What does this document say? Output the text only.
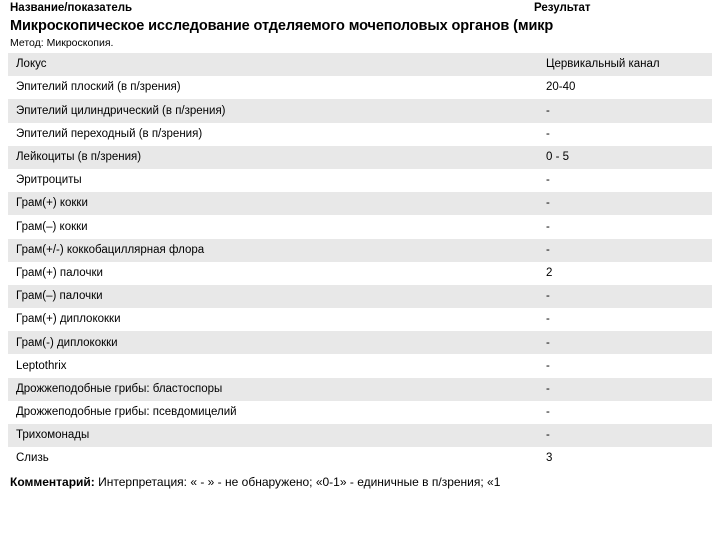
Название/показатель	Результат
Микроскопическое исследование отделяемого мочеполовых органов (микр
Метод: Микроскопия.
Локус	Цервикальный канал
Эпителий плоский (в п/зрения)	20-40
Эпителий цилиндрический (в п/зрения)	-
Эпителий переходный (в п/зрения)	-
Лейкоциты (в п/зрения)	0 - 5
Эритроциты	-
Грам(+) кокки	-
Грам(–) кокки	-
Грам(+/-) коккобациллярная флора	-
Грам(+) палочки	2
Грам(–) палочки	-
Грам(+) диплококки	-
Грам(-) диплококки	-
Leptothrix	-
Дрожжеподобные грибы: бластоспоры	-
Дрожжеподобные грибы: псевдомицелий	-
Трихомонады	-
Слизь	3
Комментарий: Интерпретация: « - » - не обнаружено; «0-1» - единичные в п/зрения; «1
